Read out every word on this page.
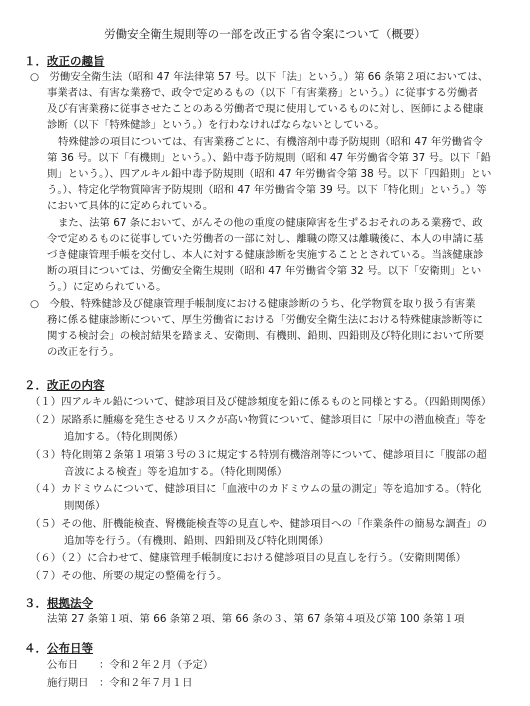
労働安全衛生規則等の一部を改正する省令案について（概要）
１．改正の趣旨
○　労働安全衛生法（昭和 47 年法律第 57 号。以下「法」という。）第 66 条第２項においては、
事業者は、有害な業務で、政令で定めるもの（以下「有害業務」という。）に従事する労働者
及び有害業務に従事させたことのある労働者で現に使用しているものに対し、医師による健康
診断（以下「特殊健診」という。）を行わなければならないとしている。
特殊健診の項目については、有害業務ごとに、有機溶剤中毒予防規則（昭和 47 年労働省令
第 36 号。以下「有機則」という。）、鉛中毒予防規則（昭和 47 年労働省令第 37 号。以下「鉛
則」という。）、四アルキル鉛中毒予防規則（昭和 47 年労働省令第 38 号。以下「四鉛則」とい
う。）、特定化学物質障害予防規則（昭和 47 年労働省令第 39 号。以下「特化則」という。）等
において具体的に定められている。
また、法第 67 条において、がんその他の重度の健康障害を生ずるおそれのある業務で、政
令で定めるものに従事していた労働者の一部に対し、離職の際又は離職後に、本人の申請に基
づき健康管理手帳を交付し、本人に対する健康診断を実施することとされている。当該健康診
断の項目については、労働安全衛生規則（昭和 47 年労働省令第 32 号。以下「安衛則」とい
う。）に定められている。
○　今般、特殊健診及び健康管理手帳制度における健康診断のうち、化学物質を取り扱う有害業
務に係る健康診断について、厚生労働省における「労働安全衛生法における特殊健康診断等に
関する検討会」の検討結果を踏まえ、安衛則、有機則、鉛則、四鉛則及び特化則において所要
の改正を行う。
２．改正の内容
（１）四アルキル鉛について、健診項目及び健診頻度を鉛に係るものと同様とする。（四鉛則関係）
（２）尿路系に腫瘍を発生させるリスクが高い物質について、健診項目に「尿中の潜血検査」等を
追加する。（特化則関係）
（３）特化則第２条第１項第３号の３に規定する特別有機溶剤等について、健診項目に「腹部の超
音波による検査」等を追加する。（特化則関係）
（４）カドミウムについて、健診項目に「血液中のカドミウムの量の測定」等を追加する。（特化
則関係）
（５）その他、肝機能検査、腎機能検査等の見直しや、健診項目への「作業条件の簡易な調査」の
追加等を行う。（有機則、鉛則、四鉛則及び特化則関係）
（６）（２）に合わせて、健康管理手帳制度における健診項目の見直しを行う。（安衛則関係）
（７）その他、所要の規定の整備を行う。
３．根拠法令
法第 27 条第１項、第 66 条第２項、第 66 条の３、第 67 条第４項及び第 100 条第１項
４．公布日等
公布日 ：令和２年２月（予定）
施行期日 ：令和２年７月１日
